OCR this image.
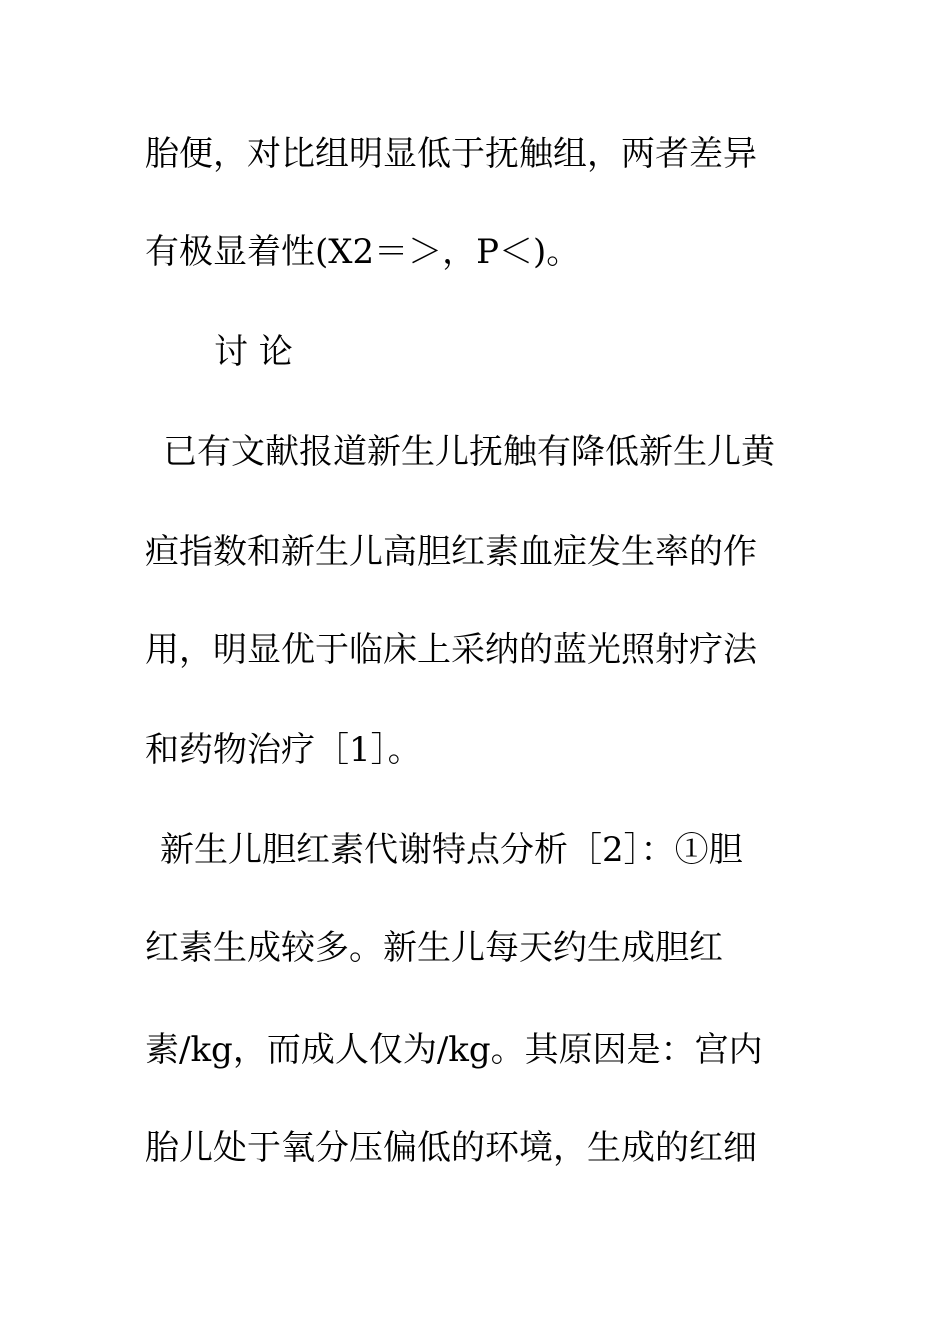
胎便，对比组明显低于抚触组，两者差异
有极显着性(X2＝＞，P＜)。
讨 论
已有文献报道新生儿抚触有降低新生儿黄
疸指数和新生儿高胆红素血症发生率的作
用，明显优于临床上采纳的蓝光照射疗法
和药物治疗［1］。
新生儿胆红素代谢特点分析［2］：①胆
红素生成较多。新生儿每天约生成胆红
素/kg，而成人仅为/kg。其原因是：宫内
胎儿处于氧分压偏低的环境，生成的红细
